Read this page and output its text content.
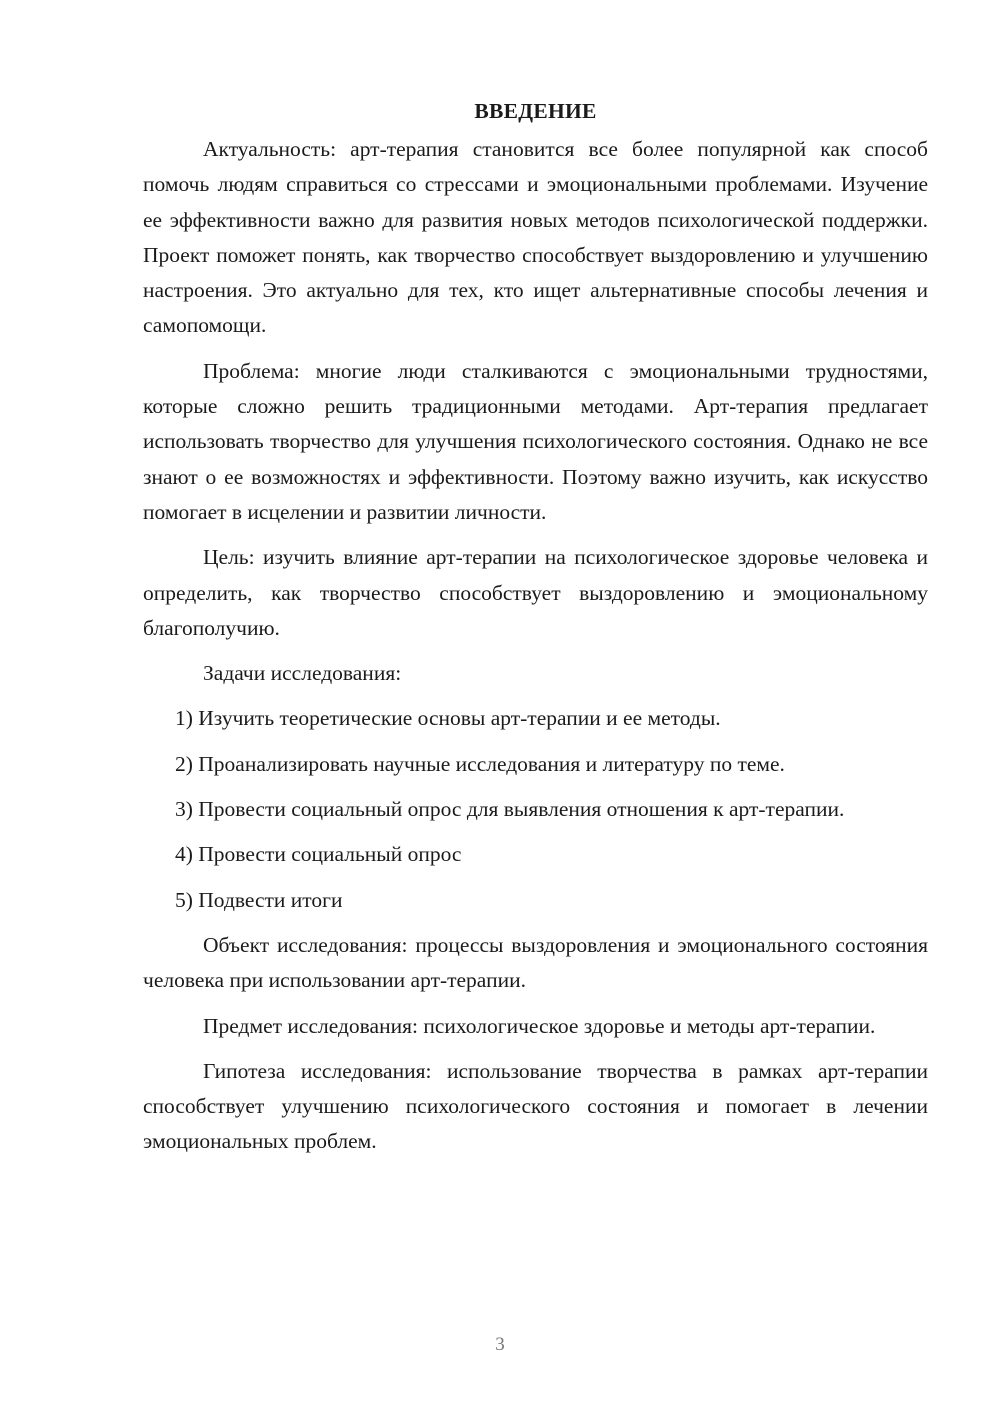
ВВЕДЕНИЕ

Актуальность: арт-терапия становится все более популярной как способ помочь людям справиться со стрессами и эмоциональными проблемами. Изучение ее эффективности важно для развития новых методов психологической поддержки. Проект поможет понять, как творчество способствует выздоровлению и улучшению настроения. Это актуально для тех, кто ищет альтернативные способы лечения и самопомощи.

Проблема: многие люди сталкиваются с эмоциональными трудностями, которые сложно решить традиционными методами. Арт-терапия предлагает использовать творчество для улучшения психологического состояния. Однако не все знают о ее возможностях и эффективности. Поэтому важно изучить, как искусство помогает в исцелении и развитии личности.

Цель: изучить влияние арт-терапии на психологическое здоровье человека и определить, как творчество способствует выздоровлению и эмоциональному благополучию.

Задачи исследования:

1) Изучить теоретические основы арт-терапии и ее методы.

2) Проанализировать научные исследования и литературу по теме.

3) Провести социальный опрос для выявления отношения к арт-терапии.

4) Провести социальный опрос

5) Подвести итоги

Объект исследования: процессы выздоровления и эмоционального состояния человека при использовании арт-терапии.

Предмет исследования: психологическое здоровье и методы арт-терапии.

Гипотеза исследования: использование творчества в рамках арт-терапии способствует улучшению психологического состояния и помогает в лечении эмоциональных проблем.

3
